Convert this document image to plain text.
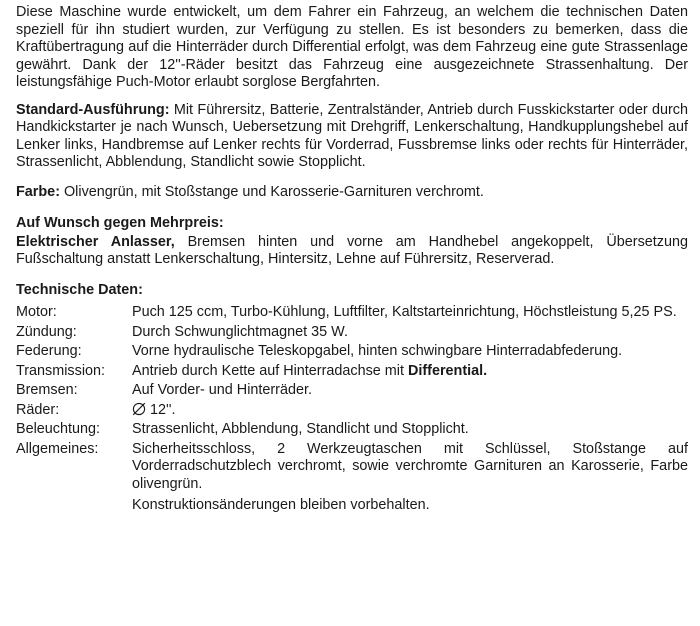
Diese Maschine wurde entwickelt, um dem Fahrer ein Fahrzeug, an welchem die technischen Daten speziell für ihn studiert wurden, zur Verfügung zu stellen. Es ist besonders zu bemerken, dass die Kraftübertragung auf die Hinterräder durch Differential erfolgt, was dem Fahrzeug eine gute Strassenlage gewährt. Dank der 12''-Räder besitzt das Fahrzeug eine ausgezeichnete Strassenhaltung. Der leistungsfähige Puch-Motor erlaubt sorglose Bergfahrten.

Standard-Ausführung: Mit Führersitz, Batterie, Zentralständer, Antrieb durch Fusskickstarter oder durch Handkickstarter je nach Wunsch, Uebersetzung mit Drehgriff, Lenkerschaltung, Handkupplungshebel auf Lenker links, Handbremse auf Lenker rechts für Vorderrad, Fussbremse links oder rechts für Hinterräder, Strassenlicht, Abblendung, Standlicht sowie Stopplicht.

Farbe: Olivengrün, mit Stoßstange und Karosserie-Garnituren verchromt.

Auf Wunsch gegen Mehrpreis:

Elektrischer Anlasser, Bremsen hinten und vorne am Handhebel angekoppelt, Übersetzung Fußschaltung anstatt Lenkerschaltung, Hintersitz, Lehne auf Führersitz, Reserverad.

Technische Daten:

Motor:	Puch 125 ccm, Turbo-Kühlung, Luftfilter, Kaltstarteinrichtung, Höchstleistung 5,25 PS.
Zündung:	Durch Schwunglichtmagnet 35 W.
Federung:	Vorne hydraulische Teleskopgabel, hinten schwingbare Hinterradabfederung.
Transmission:	Antrieb durch Kette auf Hinterradachse mit Differential.
Bremsen:	Auf Vorder- und Hinterräder.
Räder:	12''.
Beleuchtung:	Strassenlicht, Abblendung, Standlicht und Stopplicht.
Allgemeines:	Sicherheitsschloss, 2 Werkzeugtaschen mit Schlüssel, Stoßstange auf Vorderradschutzblech verchromt, sowie verchromte Garnituren an Karosserie, Farbe olivengrün.
Konstruktionsänderungen bleiben vorbehalten.
